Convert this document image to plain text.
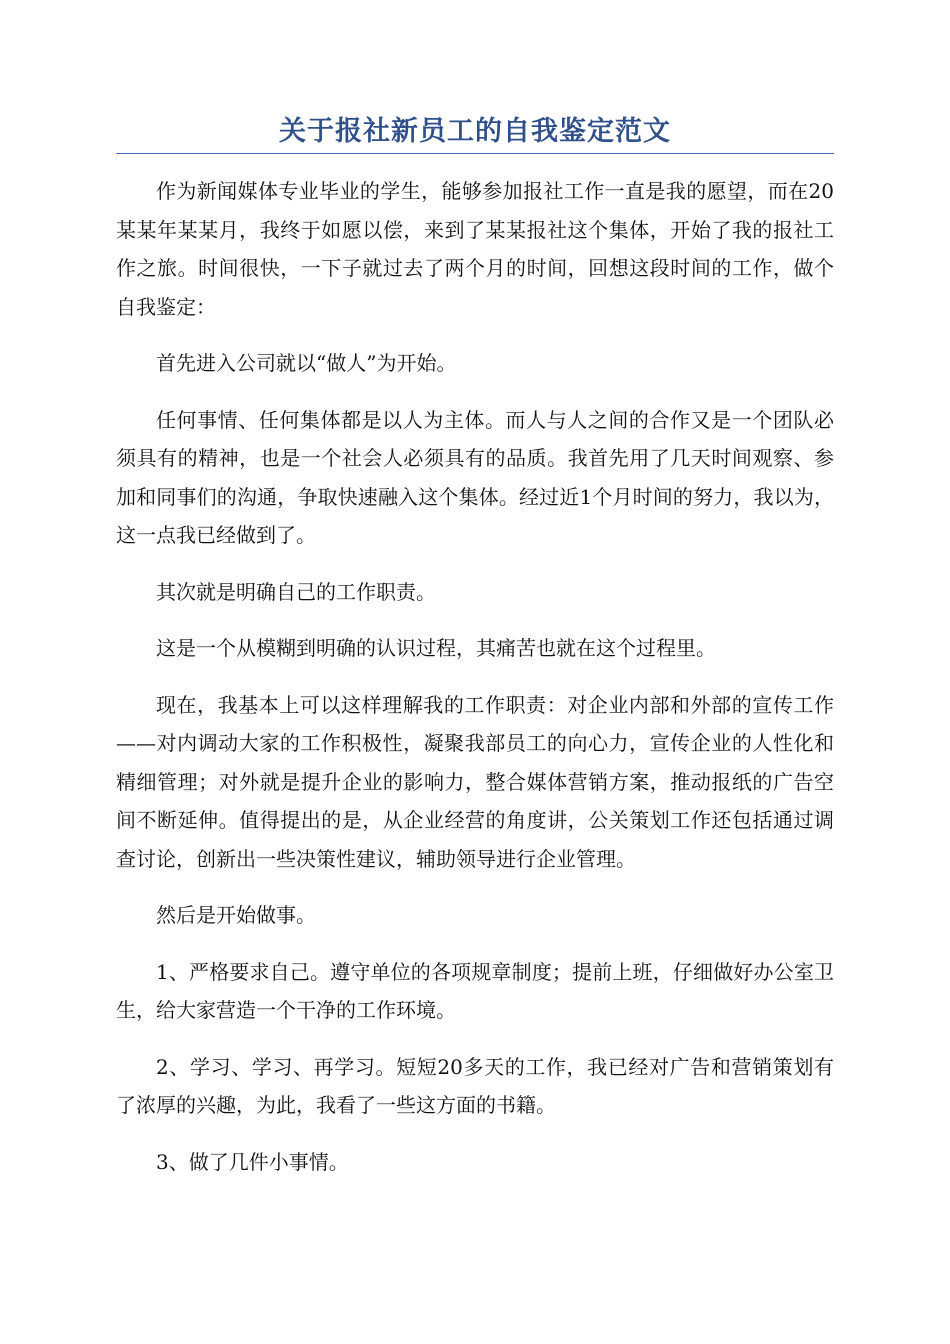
关于报社新员工的自我鉴定范文

作为新闻媒体专业毕业的学生，能够参加报社工作一直是我的愿望，而在20某某年某某月，我终于如愿以偿，来到了某某报社这个集体，开始了我的报社工作之旅。时间很快，一下子就过去了两个月的时间，回想这段时间的工作，做个自我鉴定：

首先进入公司就以“做人”为开始。

任何事情、任何集体都是以人为主体。而人与人之间的合作又是一个团队必须具有的精神，也是一个社会人必须具有的品质。我首先用了几天时间观察、参加和同事们的沟通，争取快速融入这个集体。经过近1个月时间的努力，我以为，这一点我已经做到了。

其次就是明确自己的工作职责。

这是一个从模糊到明确的认识过程，其痛苦也就在这个过程里。

现在，我基本上可以这样理解我的工作职责：对企业内部和外部的宣传工作——对内调动大家的工作积极性，凝聚我部员工的向心力，宣传企业的人性化和精细管理；对外就是提升企业的影响力，整合媒体营销方案，推动报纸的广告空间不断延伸。值得提出的是，从企业经营的角度讲，公关策划工作还包括通过调查讨论，创新出一些决策性建议，辅助领导进行企业管理。

然后是开始做事。

1、严格要求自己。遵守单位的各项规章制度；提前上班，仔细做好办公室卫生，给大家营造一个干净的工作环境。

2、学习、学习、再学习。短短20多天的工作，我已经对广告和营销策划有了浓厚的兴趣，为此，我看了一些这方面的书籍。

3、做了几件小事情。
